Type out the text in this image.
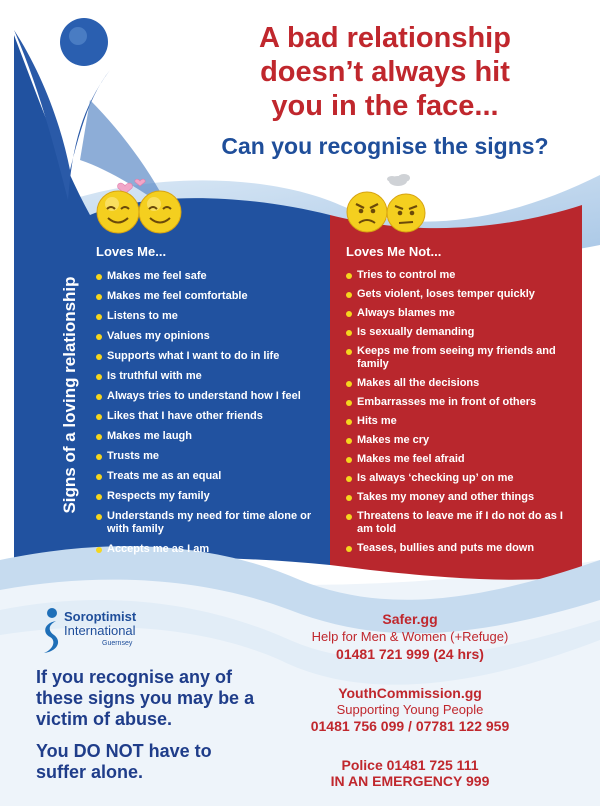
A bad relationship
doesn’t always hit
you in the face...
Can you recognise the signs?
Signs of a loving relationship
Loves Me...	Loves Me Not...
Makes me feel safe
Makes me feel comfortable
Listens to me
Values my opinions
Supports what I want to do in life
Is truthful with me
Always tries to understand how I feel
Likes that I have other friends
Makes me laugh
Trusts me
Treats me as an equal
Respects my family
Understands my need for time alone or with family
Accepts me as I am
Tries to control me
Gets violent, loses temper quickly
Always blames me
Is sexually demanding
Keeps me from seeing my friends and family
Makes all the decisions
Embarrasses me in front of others
Hits me
Makes me cry
Makes me feel afraid
Is always ‘checking up’ on me
Takes my money and other things
Threatens to leave me if I do not do as I am told
Teases, bullies and puts me down
Soroptimist
International
Guernsey
If you recognise any of these signs you may be a victim of abuse.
You DO NOT have to suffer alone.
Safer.gg
Help for Men & Women (+Refuge)
01481 721 999 (24 hrs)
YouthCommission.gg
Supporting Young People
01481 756 099 / 07781 122 959
Police 01481 725 111
IN AN EMERGENCY 999
